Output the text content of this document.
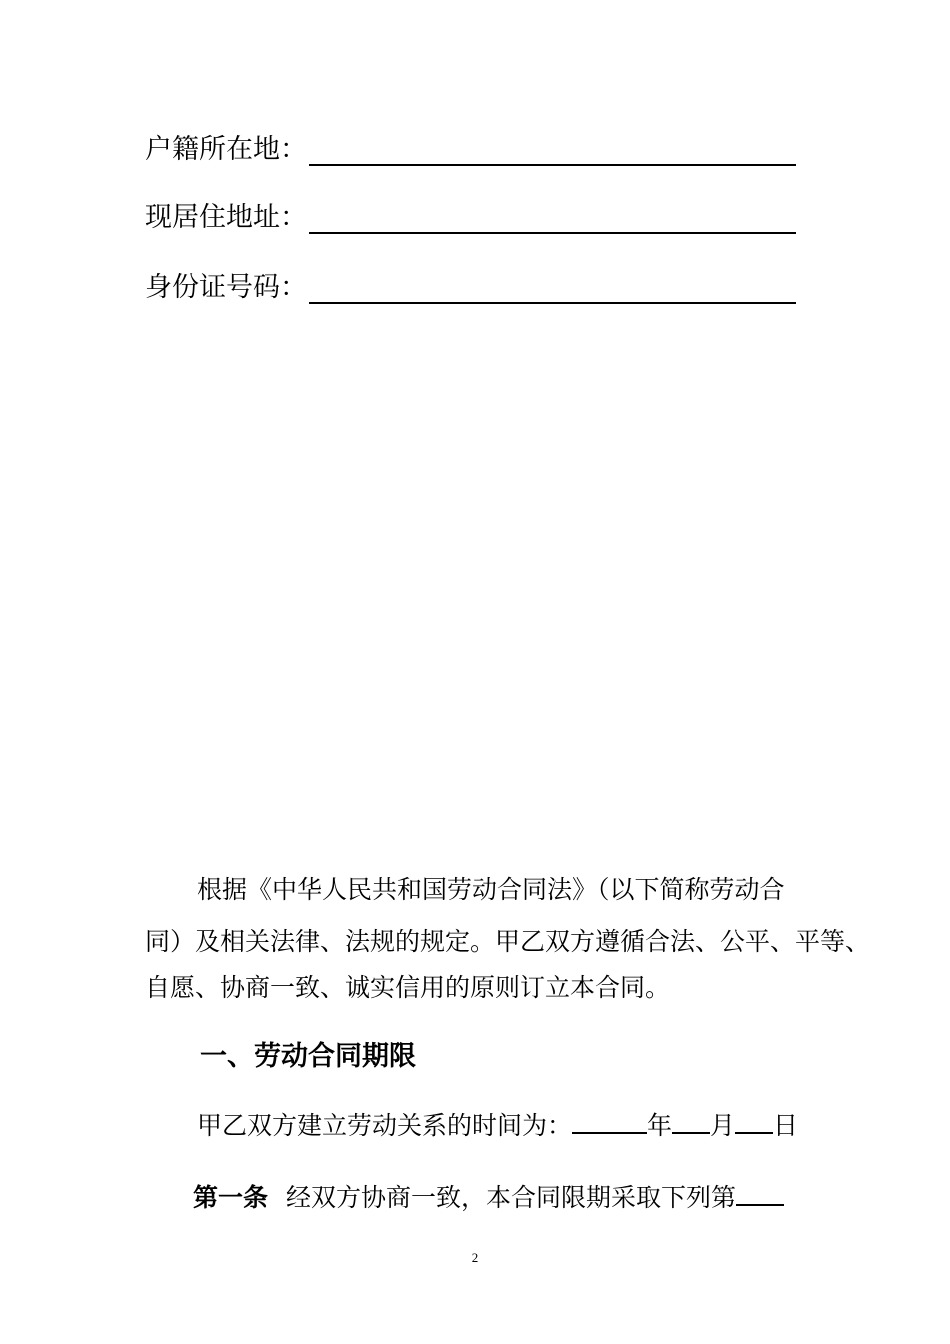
户籍所在地：
现居住地址：
身份证号码：
根据《中华人民共和国劳动合同法》（以下简称劳动合
同）及相关法律、法规的规定。甲乙双方遵循合法、公平、平等、
自愿、协商一致、诚实信用的原则订立本合同。
一、劳动合同期限
甲乙双方建立劳动关系的时间为：	年 月 日
第一条 经双方协商一致，本合同限期采取下列第
2
